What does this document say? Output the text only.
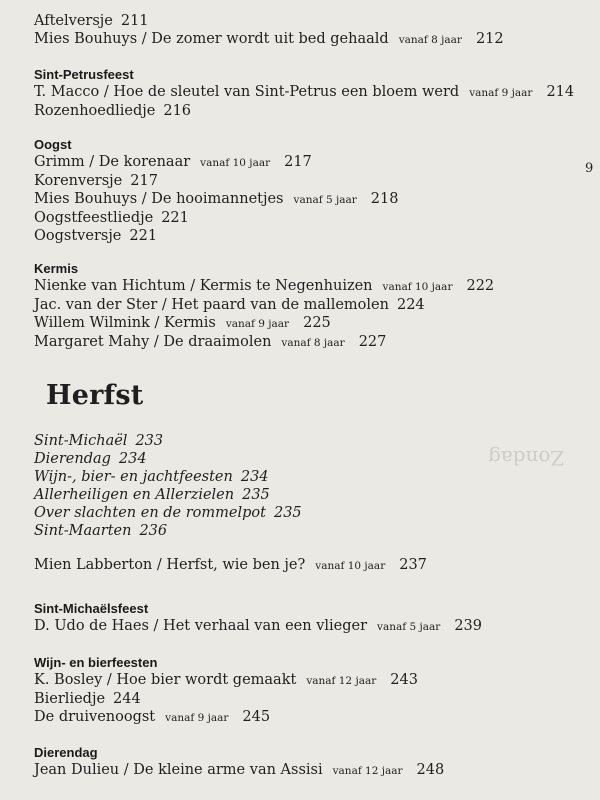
Zondag
9
Aftelversje 211
Mies Bouhuys / De zomer wordt uit bed gehaald vanaf 8 jaar 212
Sint-Petrusfeest
T. Macco / Hoe de sleutel van Sint-Petrus een bloem werd vanaf 9 jaar 214
Rozenhoedliedje 216
Oogst
Grimm / De korenaar vanaf 10 jaar 217
Korenversje 217
Mies Bouhuys / De hooimannetjes vanaf 5 jaar 218
Oogstfeestliedje 221
Oogstversje 221
Kermis
Nienke van Hichtum / Kermis te Negenhuizen vanaf 10 jaar 222
Jac. van der Ster / Het paard van de mallemolen 224
Willem Wilmink / Kermis vanaf 9 jaar 225
Margaret Mahy / De draaimolen vanaf 8 jaar 227
Herfst
Sint-Michaël 233
Dierendag 234
Wijn-, bier- en jachtfeesten 234
Allerheiligen en Allerzielen 235
Over slachten en de rommelpot 235
Sint-Maarten 236
Mien Labberton / Herfst, wie ben je? vanaf 10 jaar 237
Sint-Michaëlsfeest
D. Udo de Haes / Het verhaal van een vlieger vanaf 5 jaar 239
Wijn- en bierfeesten
K. Bosley / Hoe bier wordt gemaakt vanaf 12 jaar 243
Bierliedje 244
De druivenoogst vanaf 9 jaar 245
Dierendag
Jean Dulieu / De kleine arme van Assisi vanaf 12 jaar 248
